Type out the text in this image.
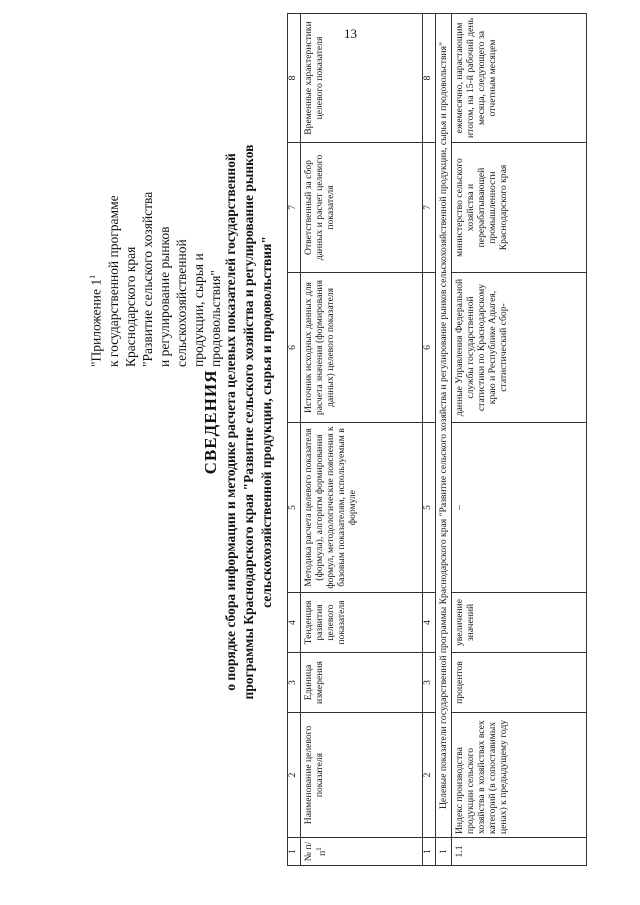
13
"Приложение $1^1$ к государственной программе Краснодарского края "Развитие сельского хозяйства и регулирование рынков сельскохозяйственной продукции, сырья и продовольствия"
СВЕДЕНИЯ о порядке сбора информации и методике расчета целевых показателей государственной программы Краснодарского края "Развитие сельского хозяйства и регулирование рынков сельскохозяйственной продукции, сырья и продовольствия"
1	2	3	4	5	6	7	8
№ $п/п^1$	Наименование целевого показателя	Единица измерения	Тенденция развития целевого показателя	Методика расчета целевого показателя (формула), алгоритм формирования формул, методологические пояснения к базовым показателям, используемым в формуле	Источник исходных данных для расчета значения (формирования данных) целевого показателя	Ответственный за сбор данных и расчет целевого показателя	Временные характеристики целевого показателя
1	2	3	4	5	6	7	8
1	Целевые показатели государственной программы Краснодарского края "Развитие сельского хозяйства и регулирование рынков сельскохозяйственной продукции, сырья и продовольствия"						
1.1	Индекс производства продукции сельского хозяйства в хозяйствах всех категорий (в сопоставимых ценах) к предыдущему году	процентов	увеличение значений	–	данные Управления Федеральной службы государственной статистики по Краснодарскому краю и Республике Адыгея, статистический сбор-	министерство сельского хозяйства и перерабатывающей промышленности Краснодарского края	ежемесячно, нарастающим итогом, на 15-й рабочий день месяца, следующего за отчетным месяцем
